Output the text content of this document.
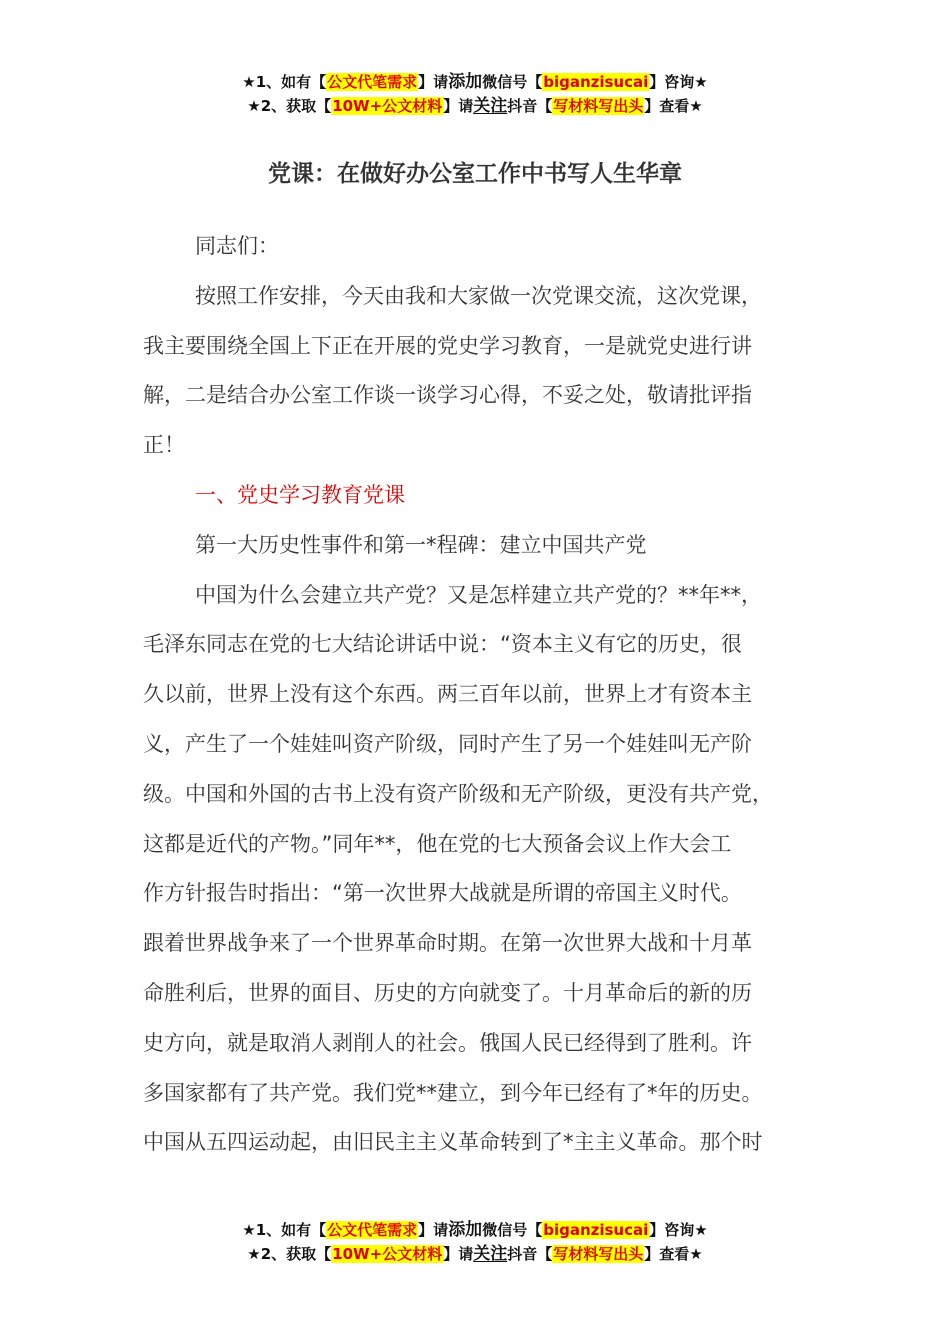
★1、如有【公文代笔需求】请添加微信号【biganzisucai】咨询★
★2、获取【10W+公文材料】请关注抖音【写材料写出头】查看★
党课：在做好办公室工作中书写人生华章

同志们：

按照工作安排，今天由我和大家做一次党课交流，这次党课，
我主要围绕全国上下正在开展的党史学习教育，一是就党史进行讲
解，二是结合办公室工作谈一谈学习心得，不妥之处，敬请批评指
正！

一、党史学习教育党课

第一大历史性事件和第一*程碑：建立中国共产党

中国为什么会建立共产党？又是怎样建立共产党的？**年**，
毛泽东同志在党的七大结论讲话中说：“资本主义有它的历史，很
久以前，世界上没有这个东西。两三百年以前，世界上才有资本主
义，产生了一个娃娃叫资产阶级，同时产生了另一个娃娃叫无产阶
级。中国和外国的古书上没有资产阶级和无产阶级，更没有共产党，
这都是近代的产物。”同年**，他在党的七大预备会议上作大会工
作方针报告时指出：“第一次世界大战就是所谓的帝国主义时代。
跟着世界战争来了一个世界革命时期。在第一次世界大战和十月革
命胜利后，世界的面目、历史的方向就变了。十月革命后的新的历
史方向，就是取消人剥削人的社会。俄国人民已经得到了胜利。许
多国家都有了共产党。我们党**建立，到今年已经有了*年的历史。
中国从五四运动起，由旧民主主义革命转到了*主主义革命。那个时

★1、如有【公文代笔需求】请添加微信号【biganzisucai】咨询★
★2、获取【10W+公文材料】请关注抖音【写材料写出头】查看★
